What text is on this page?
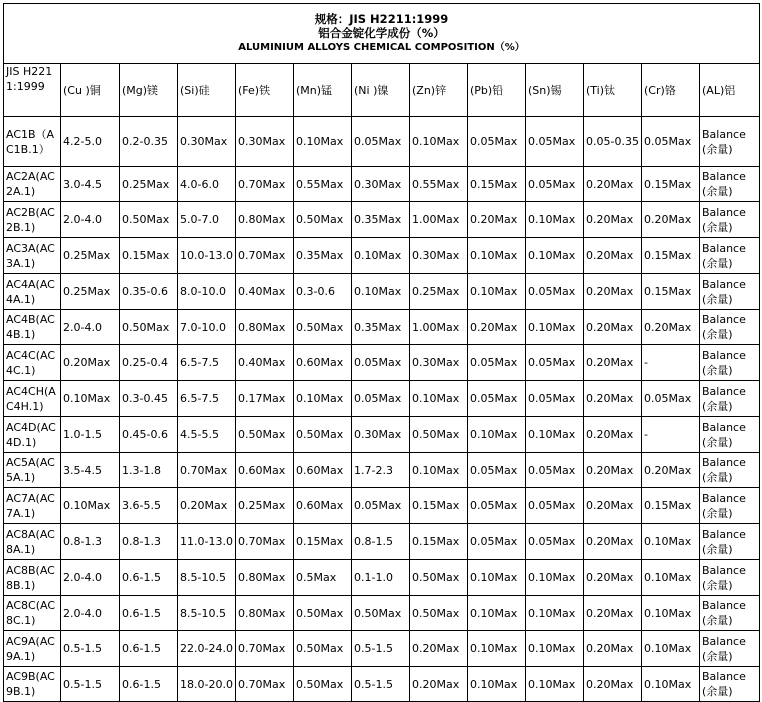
规格：JIS H2211:1999
铝合金锭化学成份（%）
ALUMINIUM ALLOYS CHEMICAL COMPOSITION（%）												

JIS H2211:1999	(Cu )铜	(Mg)镁	(Si)硅	(Fe)铁	(Mn)锰	(Ni )镍	(Zn)锌	(Pb)铅	(Sn)锡	(Ti)钛	(Cr)铬	(AL)铝
AC1B（AC1B.1）	4.2-5.0	0.2-0.35	0.30Max	0.30Max	0.10Max	0.05Max	0.10Max	0.05Max	0.05Max	0.05-0.35	0.05Max	Balance(余量)
AC2A(AC2A.1)	3.0-4.5	0.25Max	4.0-6.0	0.70Max	0.55Max	0.30Max	0.55Max	0.15Max	0.05Max	0.20Max	0.15Max	Balance(余量)
AC2B(AC2B.1)	2.0-4.0	0.50Max	5.0-7.0	0.80Max	0.50Max	0.35Max	1.00Max	0.20Max	0.10Max	0.20Max	0.20Max	Balance(余量)
AC3A(AC3A.1)	0.25Max	0.15Max	10.0-13.0	0.70Max	0.35Max	0.10Max	0.30Max	0.10Max	0.10Max	0.20Max	0.15Max	Balance(余量)
AC4A(AC4A.1)	0.25Max	0.35-0.6	8.0-10.0	0.40Max	0.3-0.6	0.10Max	0.25Max	0.10Max	0.05Max	0.20Max	0.15Max	Balance(余量)
AC4B(AC4B.1)	2.0-4.0	0.50Max	7.0-10.0	0.80Max	0.50Max	0.35Max	1.00Max	0.20Max	0.10Max	0.20Max	0.20Max	Balance(余量)
AC4C(AC4C.1)	0.20Max	0.25-0.4	6.5-7.5	0.40Max	0.60Max	0.05Max	0.30Max	0.05Max	0.05Max	0.20Max	-	Balance(余量)
AC4CH(AC4H.1)	0.10Max	0.3-0.45	6.5-7.5	0.17Max	0.10Max	0.05Max	0.10Max	0.05Max	0.05Max	0.20Max	0.05Max	Balance(余量)
AC4D(AC4D.1)	1.0-1.5	0.45-0.6	4.5-5.5	0.50Max	0.50Max	0.30Max	0.50Max	0.10Max	0.10Max	0.20Max	-	Balance(余量)
AC5A(AC5A.1)	3.5-4.5	1.3-1.8	0.70Max	0.60Max	0.60Max	1.7-2.3	0.10Max	0.05Max	0.05Max	0.20Max	0.20Max	Balance(余量)
AC7A(AC7A.1)	0.10Max	3.6-5.5	0.20Max	0.25Max	0.60Max	0.05Max	0.15Max	0.05Max	0.05Max	0.20Max	0.15Max	Balance(余量)
AC8A(AC8A.1)	0.8-1.3	0.8-1.3	11.0-13.0	0.70Max	0.15Max	0.8-1.5	0.15Max	0.05Max	0.05Max	0.20Max	0.10Max	Balance(余量)
AC8B(AC8B.1)	2.0-4.0	0.6-1.5	8.5-10.5	0.80Max	0.5Max	0.1-1.0	0.50Max	0.10Max	0.10Max	0.20Max	0.10Max	Balance(余量)
AC8C(AC8C.1)	2.0-4.0	0.6-1.5	8.5-10.5	0.80Max	0.50Max	0.50Max	0.50Max	0.10Max	0.10Max	0.20Max	0.10Max	Balance(余量)
AC9A(AC9A.1)	0.5-1.5	0.6-1.5	22.0-24.0	0.70Max	0.50Max	0.5-1.5	0.20Max	0.10Max	0.10Max	0.20Max	0.10Max	Balance(余量)
AC9B(AC9B.1)	0.5-1.5	0.6-1.5	18.0-20.0	0.70Max	0.50Max	0.5-1.5	0.20Max	0.10Max	0.10Max	0.20Max	0.10Max	Balance(余量)
